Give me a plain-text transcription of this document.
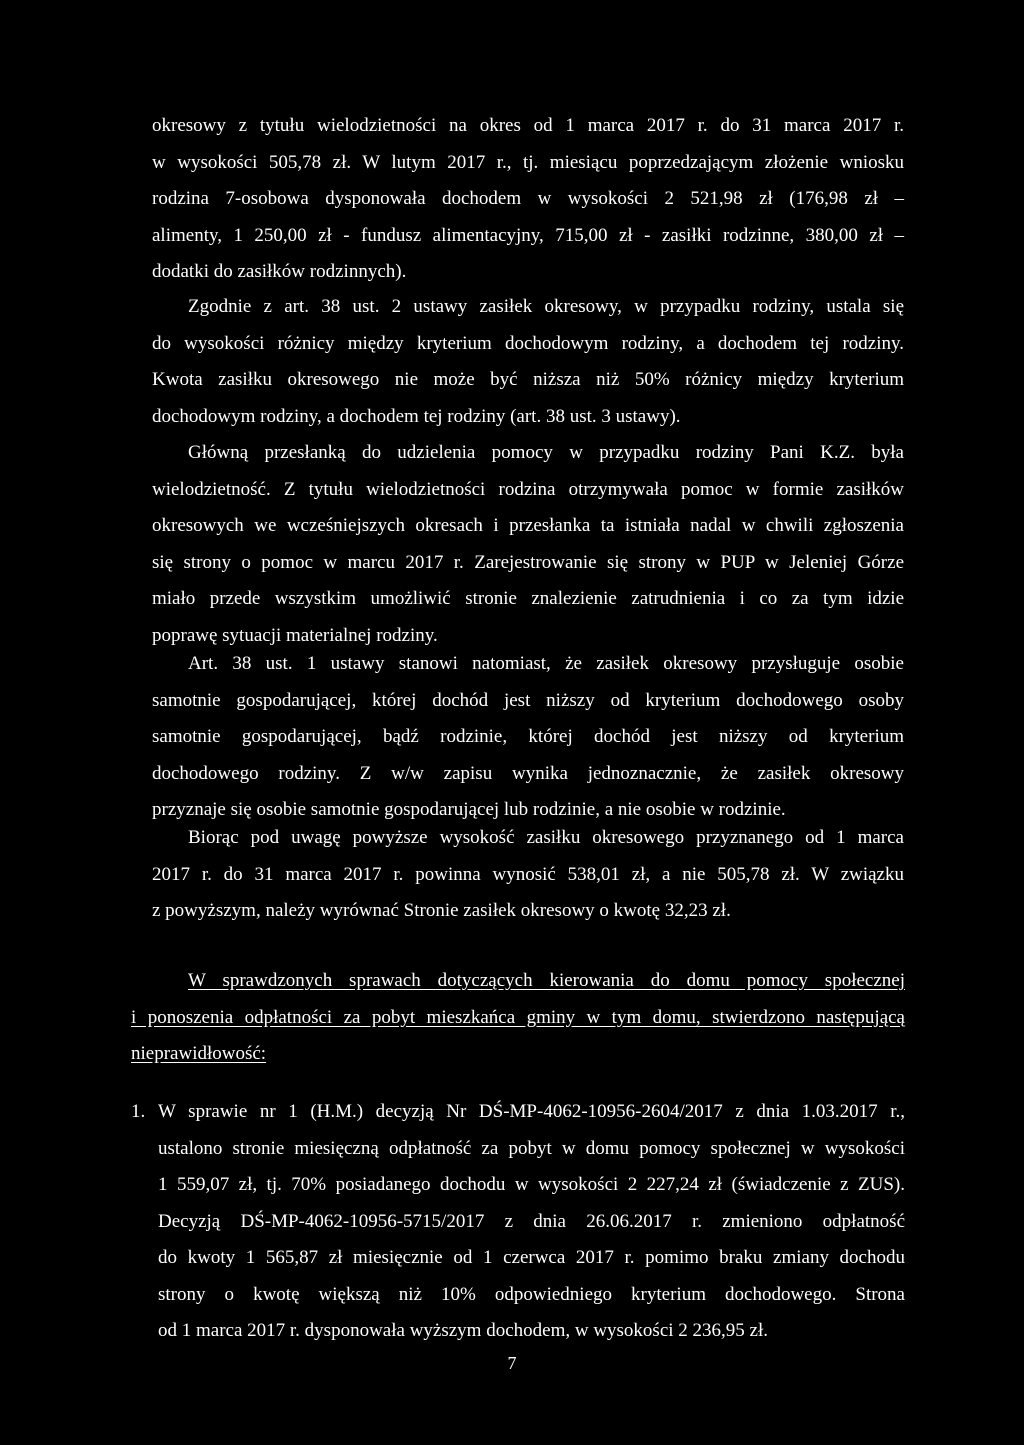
okresowy z tytułu wielodzietności na okres od 1 marca 2017 r. do 31 marca 2017 r.
w wysokości 505,78 zł. W lutym 2017 r., tj. miesiącu poprzedzającym złożenie wniosku
rodzina 7-osobowa dysponowała dochodem w wysokości 2 521,98 zł (176,98 zł –
alimenty, 1 250,00 zł - fundusz alimentacyjny, 715,00 zł - zasiłki rodzinne, 380,00 zł –
dodatki do zasiłków rodzinnych).
Zgodnie z art. 38 ust. 2 ustawy zasiłek okresowy, w przypadku rodziny, ustala się
do wysokości różnicy między kryterium dochodowym rodziny, a dochodem tej rodziny.
Kwota zasiłku okresowego nie może być niższa niż 50% różnicy między kryterium
dochodowym rodziny, a dochodem tej rodziny (art. 38 ust. 3 ustawy).
Główną przesłanką do udzielenia pomocy w przypadku rodziny Pani K.Z. była
wielodzietność. Z tytułu wielodzietności rodzina otrzymywała pomoc w formie zasiłków
okresowych we wcześniejszych okresach i przesłanka ta istniała nadal w chwili zgłoszenia
się strony o pomoc w marcu 2017 r. Zarejestrowanie się strony w PUP w Jeleniej Górze
miało przede wszystkim umożliwić stronie znalezienie zatrudnienia i co za tym idzie
poprawę sytuacji materialnej rodziny.
Art. 38 ust. 1 ustawy stanowi natomiast, że zasiłek okresowy przysługuje osobie
samotnie gospodarującej, której dochód jest niższy od kryterium dochodowego osoby
samotnie gospodarującej, bądź rodzinie, której dochód jest niższy od kryterium
dochodowego rodziny. Z w/w zapisu wynika jednoznacznie, że zasiłek okresowy
przyznaje się osobie samotnie gospodarującej lub rodzinie, a nie osobie w rodzinie.
Biorąc pod uwagę powyższe wysokość zasiłku okresowego przyznanego od 1 marca
2017 r. do 31 marca 2017 r. powinna wynosić 538,01 zł, a nie 505,78 zł. W związku
z powyższym, należy wyrównać Stronie zasiłek okresowy o kwotę 32,23 zł.
W sprawdzonych sprawach dotyczących kierowania do domu pomocy społecznej
i ponoszenia odpłatności za pobyt mieszkańca gminy w tym domu, stwierdzono następującą
nieprawidłowość:
1. W sprawie nr 1 (H.M.) decyzją Nr DŚ-MP-4062-10956-2604/2017 z dnia 1.03.2017 r.,
ustalono stronie miesięczną odpłatność za pobyt w domu pomocy społecznej w wysokości
1 559,07 zł, tj. 70% posiadanego dochodu w wysokości 2 227,24 zł (świadczenie z ZUS).
Decyzją DŚ-MP-4062-10956-5715/2017 z dnia 26.06.2017 r. zmieniono odpłatność
do kwoty 1 565,87 zł miesięcznie od 1 czerwca 2017 r. pomimo braku zmiany dochodu
strony o kwotę większą niż 10% odpowiedniego kryterium dochodowego. Strona
od 1 marca 2017 r. dysponowała wyższym dochodem, w wysokości 2 236,95 zł.
7
